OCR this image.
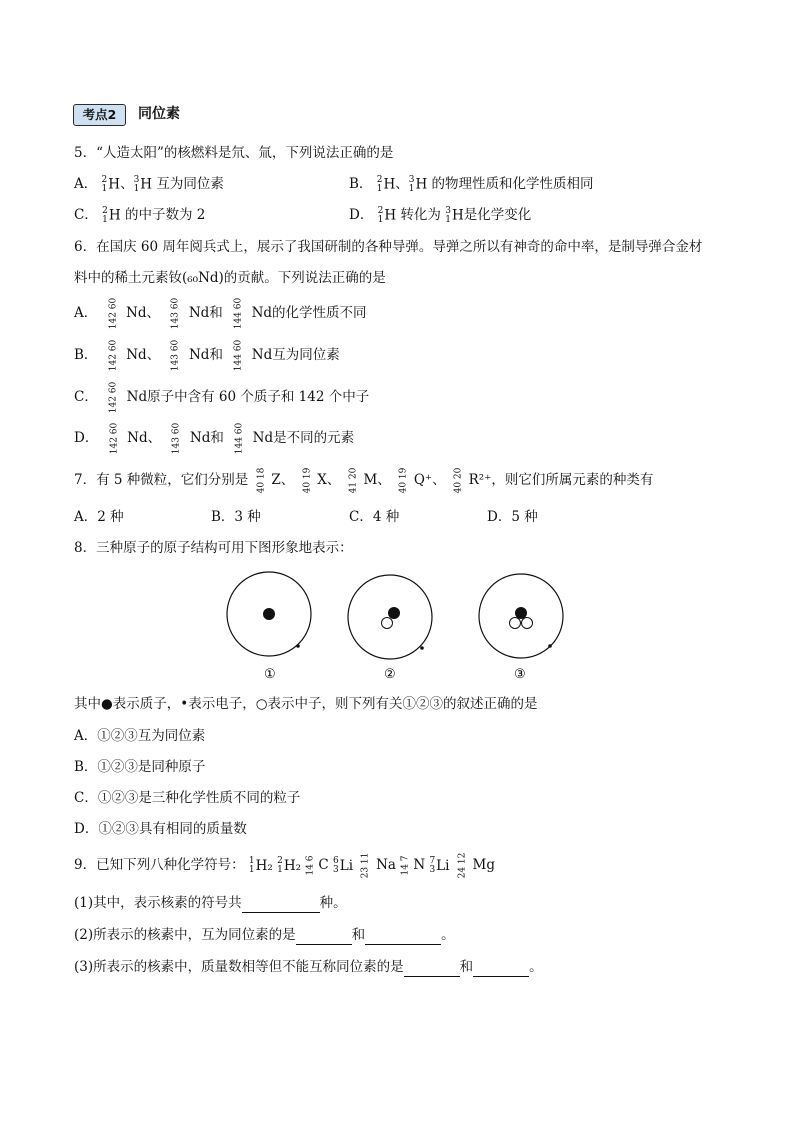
考点2	同位素
5．“人造太阳”的核燃料是氘、氚，下列说法正确的是
A． 2
1 H、 3
1 H 互为同位素	B． 2
1 H、 3
1 H 的物理性质和化学性质相同
C． 2
1 H 的中子数为 2	D． 2
1 H 转化为 3
1 H是化学变化
6．在国庆 60 周年阅兵式上，展示了我国研制的各种导弹。导弹之所以有神奇的命中率，是制导弹合金材
料中的稀土元素钕(₆₀Nd)的贡献。下列说法正确的是
A． 142 60 Nd、 143 60 Nd和 144 60 Nd的化学性质不同
B． 142 60 Nd、 143 60 Nd和 144 60 Nd互为同位素
C． 142 60 Nd原子中含有 60 个质子和 142 个中子
D． 142 60 Nd、 143 60 Nd和 144 60 Nd是不同的元素
7．有 5 种微粒，它们分别是 40 18 Z、 40 19 X、 41 20 M、 40 19 Q⁺、 40 20 R²⁺，则它们所属元素的种类有
A．2 种	B．3 种	C．4 种	D．5 种
8．三种原子的原子结构可用下图形象地表示：
①	②	③
其中●表示质子，•表示电子，○表示中子，则下列有关①②③的叙述正确的是
A．①②③互为同位素
B．①②③是同种原子
C．①②③是三种化学性质不同的粒子
D．①②③具有相同的质量数
9．已知下列八种化学符号： 1
1 H₂ 2
1 H₂ 14 6 C 6
3 Li 23 11 Na 14 7 N 7
3 Li 24 12 Mg
(1)其中，表示核素的符号共	种。
(2)所表示的核素中，互为同位素的是	和	。
(3)所表示的核素中，质量数相等但不能互称同位素的是	和	。
